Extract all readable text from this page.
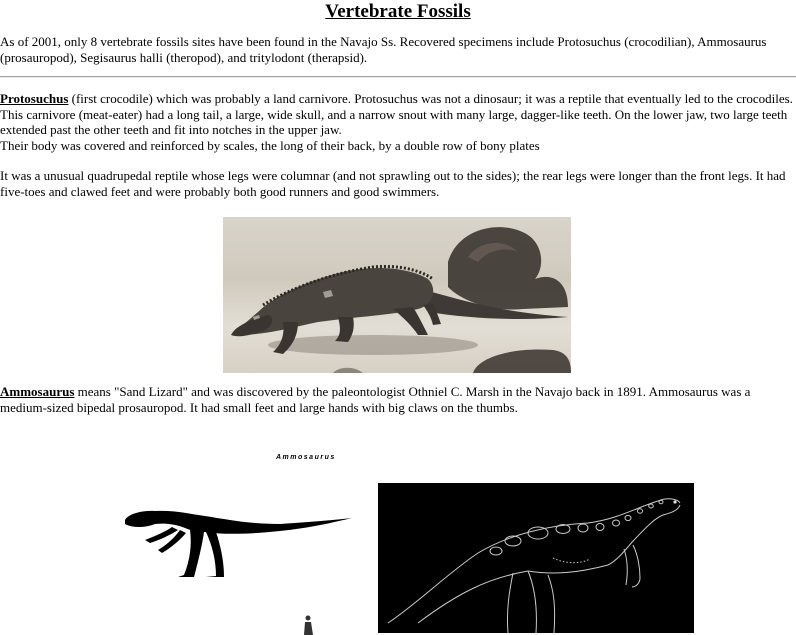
Vertebrate Fossils

As of 2001, only 8 vertebrate fossils sites have been found in the Navajo Ss. Recovered specimens include Protosuchus (crocodilian), Ammosaurus (prosauropod), Segisaurus halli (theropod), and tritylodont (therapsid).

Protosuchus (first crocodile) which was probably a land carnivore. Protosuchus was not a dinosaur; it was a reptile that eventually led to the crocodiles. This carnivore (meat-eater) had a long tail, a large, wide skull, and a narrow snout with many large, dagger-like teeth. On the lower jaw, two large teeth extended past the other teeth and fit into notches in the upper jaw.
Their body was covered and reinforced by scales, the long of their back, by a double row of bony plates

It was a unusual quadrupedal reptile whose legs were columnar (and not sprawling out to the sides); the rear legs were longer than the front legs. It had five-toes and clawed feet and were probably both good runners and good swimmers.

Ammosaurus means "Sand Lizard" and was discovered by the paleontologist Othniel C. Marsh in the Navajo back in 1891. Ammosaurus was a medium-sized bipedal prosauropod. It had small feet and large hands with big claws on the thumbs.

Ammosaurus
